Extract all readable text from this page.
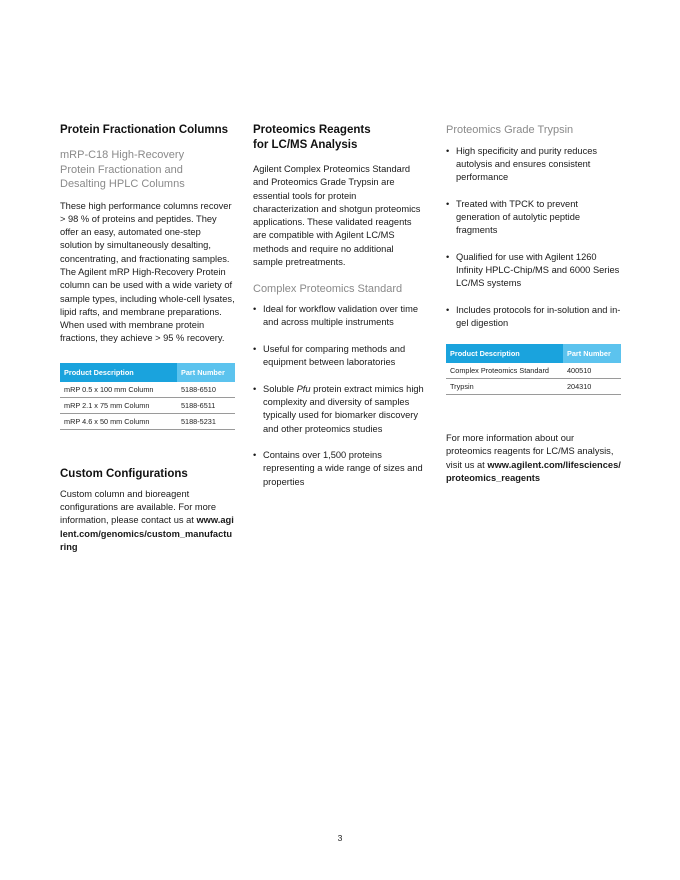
Protein Fractionation Columns
mRP-C18 High-Recovery Protein Fractionation and Desalting HPLC Columns

These high performance columns recover > 98 % of proteins and peptides. They offer an easy, automated one-step solution by simultaneously desalting, concentrating, and fractionating samples. The Agilent mRP High-Recovery Protein column can be used with a wide variety of sample types, including whole-cell lysates, lipid rafts, and membrane preparations. When used with membrane protein fractions, they achieve > 95 % recovery.

Product Description	Part Number
mRP 0.5 x 100 mm Column	5188-6510
mRP 2.1 x 75 mm Column	5188-6511
mRP 4.6 x 50 mm Column	5188-5231
Custom Configurations

Custom column and bioreagent configurations are available. For more information, please contact us at www.agilent.com/genomics/custom_manufacturing

Proteomics Reagents
for LC/MS Analysis

Agilent Complex Proteomics Standard and Proteomics Grade Trypsin are essential tools for protein characterization and shotgun proteomics applications. These validated reagents are compatible with Agilent LC/MS methods and require no additional sample pretreatments.

Complex Proteomics Standard
• Ideal for workflow validation over time and across multiple instruments
• Useful for comparing methods and equipment between laboratories
• Soluble Pfu protein extract mimics high complexity and diversity of samples typically used for biomarker discovery and other proteomics studies
• Contains over 1,500 proteins representing a wide range of sizes and properties
Proteomics Grade Trypsin
• High specificity and purity reduces autolysis and ensures consistent performance
• Treated with TPCK to prevent generation of autolytic peptide fragments
• Qualified for use with Agilent 1260 Infinity HPLC-Chip/MS and 6000 Series LC/MS systems
• Includes protocols for in-solution and in-gel digestion
Product Description	Part Number
Complex Proteomics Standard	400510
Trypsin	204310

For more information about our proteomics reagents for LC/MS analysis, visit us at www.agilent.com/lifesciences/proteomics_reagents

3
